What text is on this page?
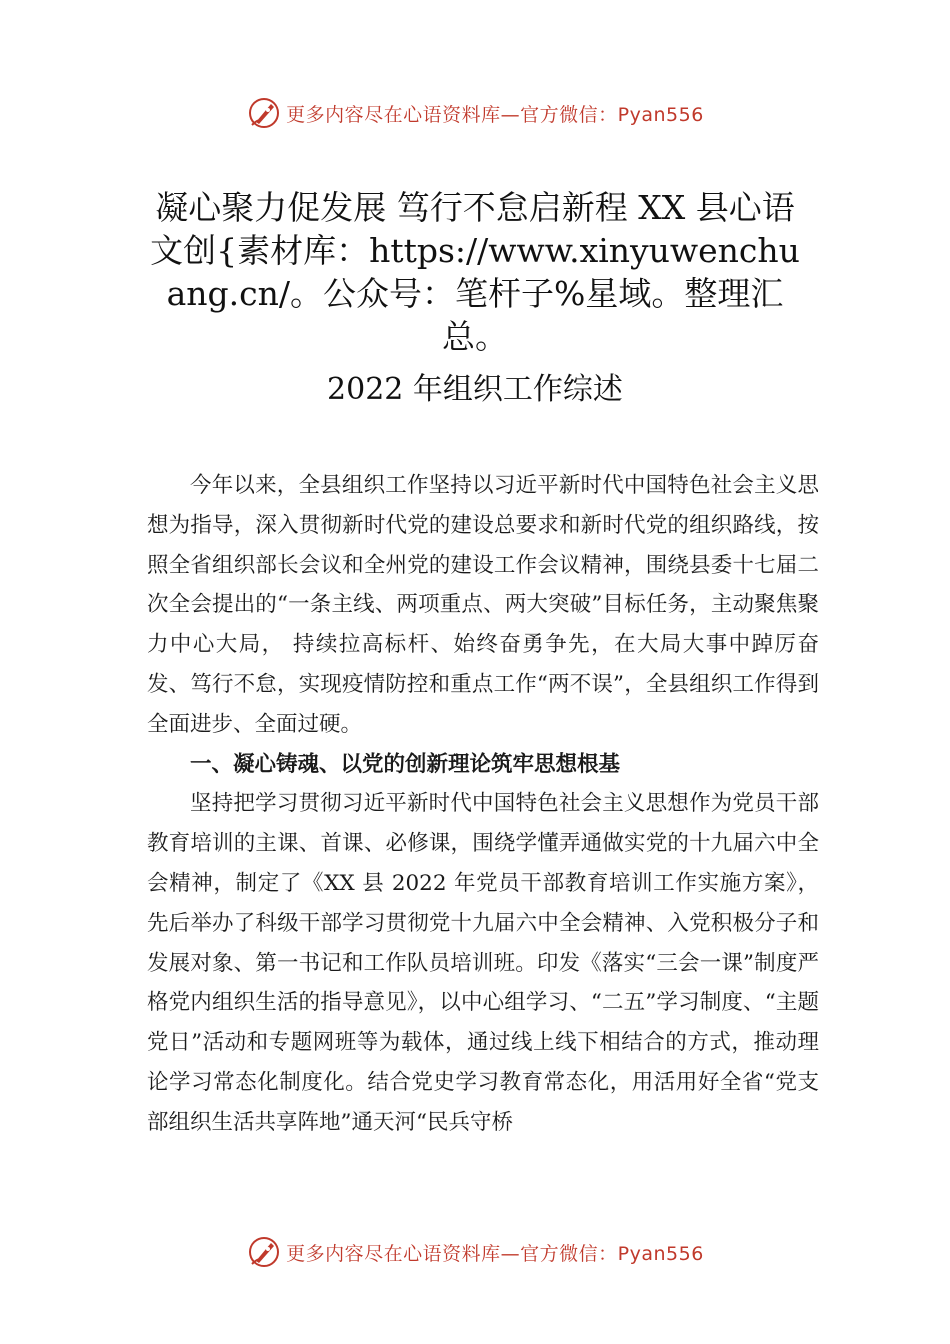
更多内容尽在心语资料库—官方微信：Pyan556
凝心聚力促发展 笃行不怠启新程 XX 县心语文创{素材库：https://www.xinyuwenchuang.cn/。公众号：笔杆子%星域。整理汇总。
2022 年组织工作综述

今年以来，全县组织工作坚持以习近平新时代中国特色社会主义思想为指导，深入贯彻新时代党的建设总要求和新时代党的组织路线，按照全省组织部长会议和全州党的建设工作会议精神，围绕县委十七届二次全会提出的“一条主线、两项重点、两大突破”目标任务，主动聚焦聚力中心大局， 持续拉高标杆、始终奋勇争先，在大局大事中踔厉奋发、笃行不怠，实现疫情防控和重点工作“两不误”，全县组织工作得到全面进步、全面过硬。

一、凝心铸魂、以党的创新理论筑牢思想根基

坚持把学习贯彻习近平新时代中国特色社会主义思想作为党员干部教育培训的主课、首课、必修课，围绕学懂弄通做实党的十九届六中全会精神，制定了《XX 县 2022 年党员干部教育培训工作实施方案》，先后举办了科级干部学习贯彻党十九届六中全会精神、入党积极分子和发展对象、第一书记和工作队员培训班。印发《落实“三会一课”制度严格党内组织生活的指导意见》，以中心组学习、“二五”学习制度、“主题党日”活动和专题网班等为载体，通过线上线下相结合的方式，推动理论学习常态化制度化。结合党史学习教育常态化，用活用好全省“党支部组织生活共享阵地”通天河“民兵守桥

更多内容尽在心语资料库—官方微信：Pyan556
